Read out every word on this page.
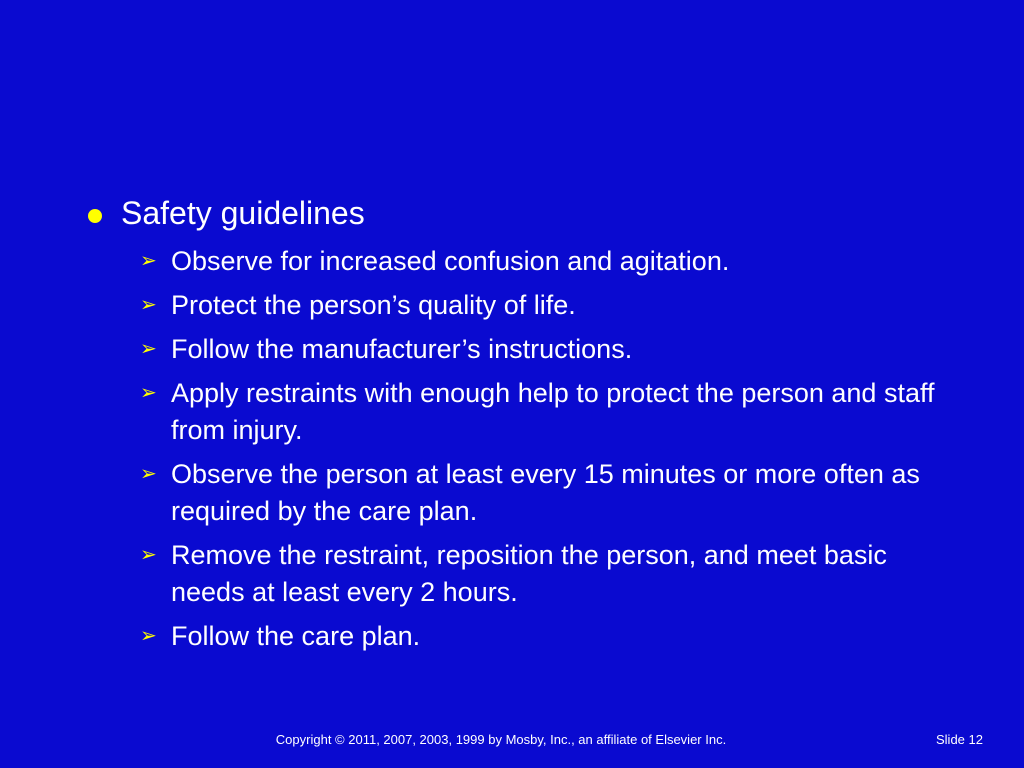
Safety guidelines
➢ Observe for increased confusion and agitation.
➢ Protect the person’s quality of life.
➢ Follow the manufacturer’s instructions.
➢ Apply restraints with enough help to protect the person and staff from injury.
➢ Observe the person at least every 15 minutes or more often as required by the care plan.
➢ Remove the restraint, reposition the person, and meet basic needs at least every 2 hours.
➢ Follow the care plan.
Copyright © 2011, 2007, 2003, 1999 by Mosby, Inc., an affiliate of Elsevier Inc.	Slide 12
